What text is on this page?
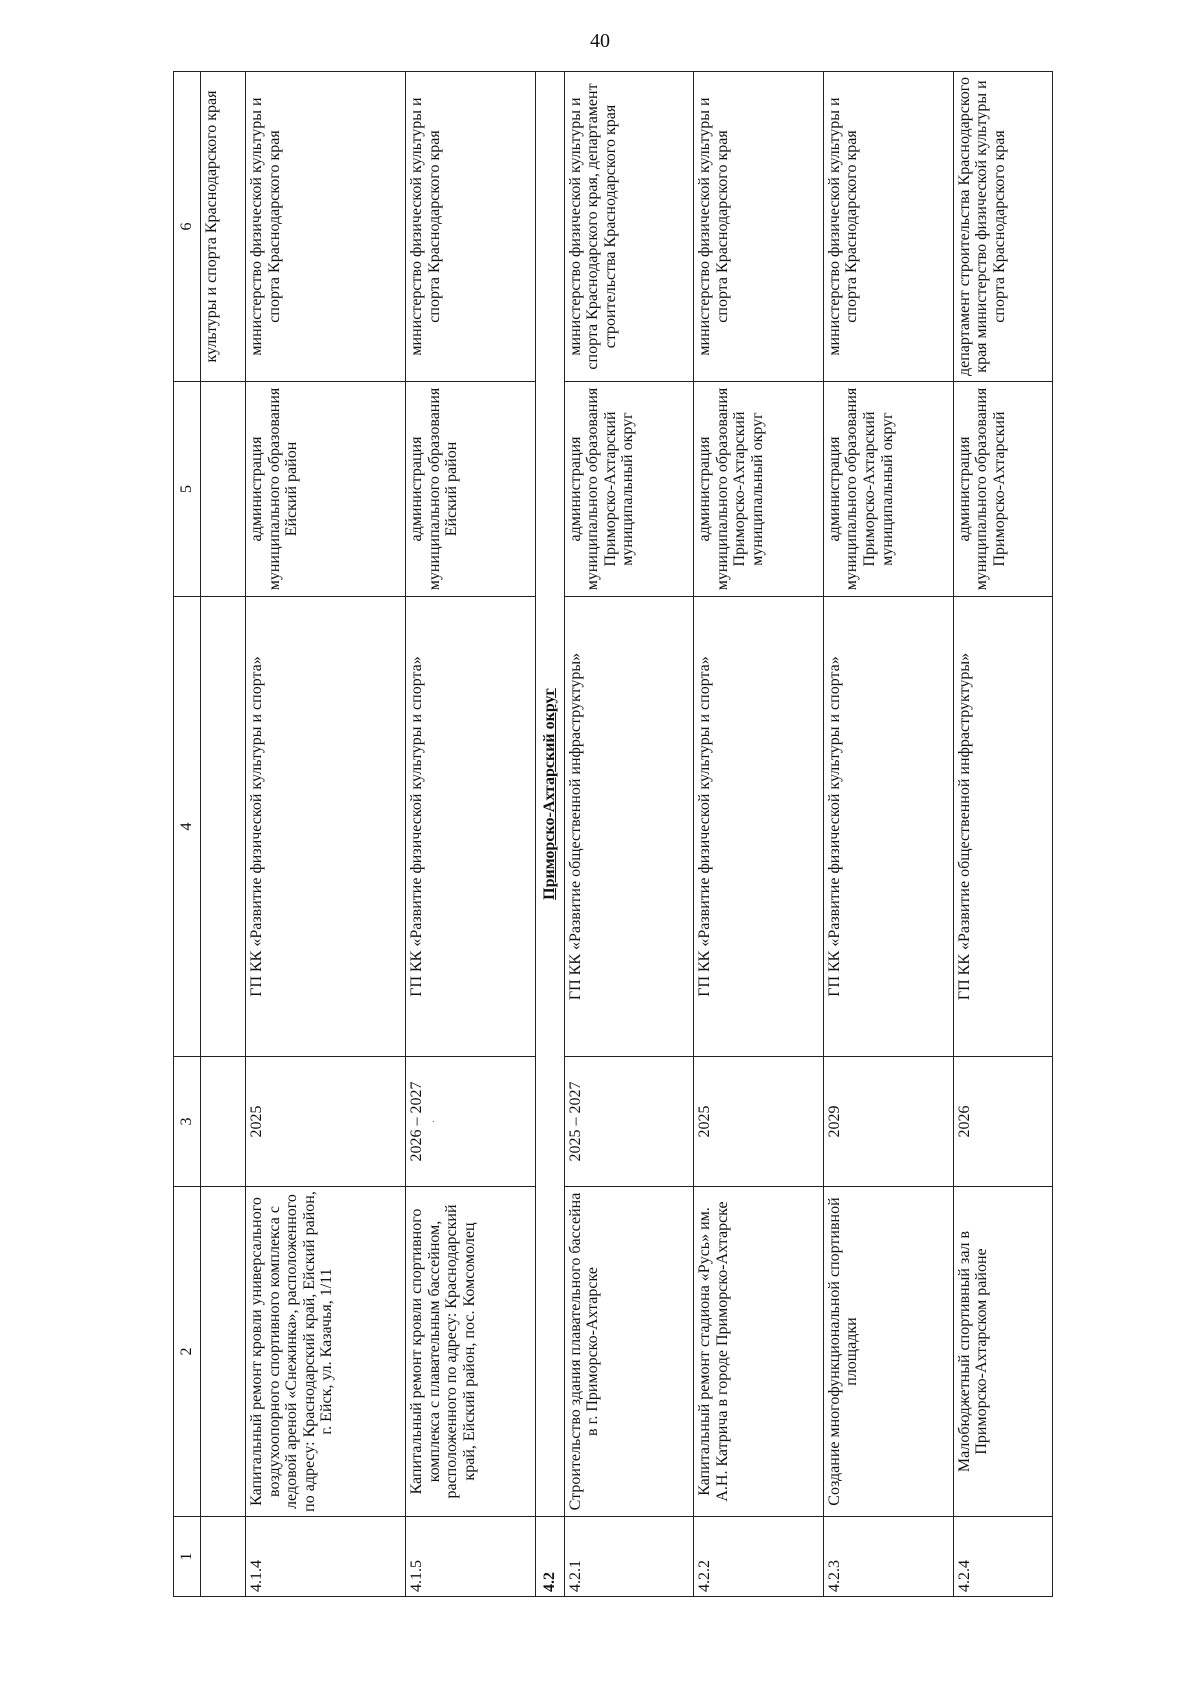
40
1	2	3	4	5	6
					культуры и спорта Краснодарского края
4.1.4	Капитальный ремонт кровли универсального воздухоопорного спортивного комплекса с ледовой ареной «Снежинка», расположенного по адресу: Краснодарский край, Ейский район, г. Ейск, ул. Казачья, 1/11	2025	ГП КК «Развитие физической культуры и спорта»	администрация муниципального образования Ейский район	министерство физической культуры и спорта Краснодарского края
4.1.5	Капитальный ремонт кровли спортивного комплекса с плавательным бассейном, расположенного по адресу: Краснодарский край, Ейский район, пос. Комсомолец	2026 – 2027 .	ГП КК «Развитие физической культуры и спорта»	администрация муниципального образования Ейский район	министерство физической культуры и спорта Краснодарского края
4.2	Приморско-Ахтарский округ				
4.2.1	Строительство здания плавательного бассейна в г. Приморско-Ахтарске	2025 – 2027	ГП КК «Развитие общественной инфраструктуры»	администрация муниципального образования Приморско-Ахтарский муниципальный округ	министерство физической культуры и спорта Краснодарского края, департамент строительства Краснодарского края
4.2.2	Капитальный ремонт стадиона «Русь» им. А.Н. Катрича в городе Приморско-Ахтарске	2025	ГП КК «Развитие физической культуры и спорта»	администрация муниципального образования Приморско-Ахтарский муниципальный округ	министерство физической культуры и спорта Краснодарского края
4.2.3	Создание многофункциональной спортивной площадки	2029	ГП КК «Развитие физической культуры и спорта»	администрация муниципального образования Приморско-Ахтарский муниципальный округ	министерство физической культуры и спорта Краснодарского края
4.2.4	Малобюджетный спортивный зал в Приморско-Ахтарском районе	2026	ГП КК «Развитие общественной инфраструктуры»	администрация муниципального образования Приморско-Ахтарский	департамент строительства Краснодарского края министерство физической культуры и спорта Краснодарского края
